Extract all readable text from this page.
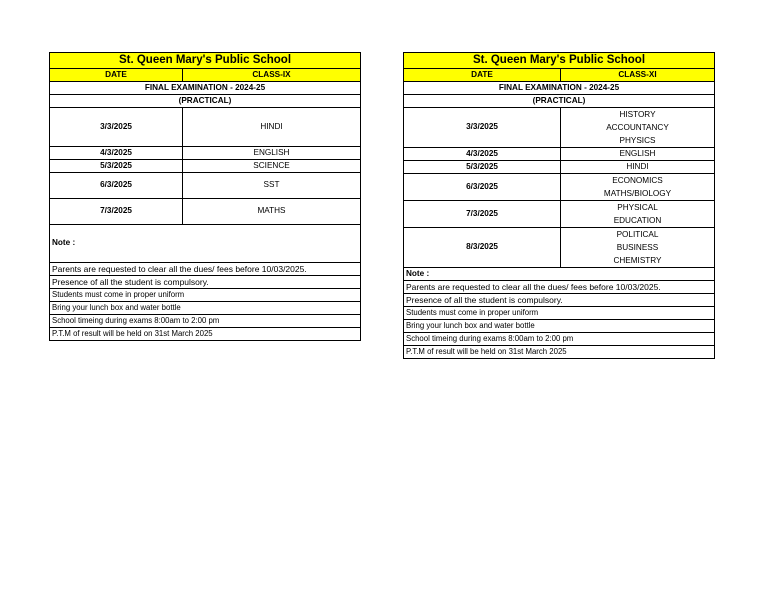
St. Queen Mary's Public School	
DATE	CLASS-IX
FINAL EXAMINATION - 2024-25	
(PRACTICAL)	
3/3/2025	HINDI
4/3/2025	ENGLISH
5/3/2025	SCIENCE
6/3/2025	SST
7/3/2025	MATHS
Note :	
Parents are requested to clear all the dues/ fees before 10/03/2025.	
Presence of all the student is compulsory.	
Students must come in proper uniform	
Bring your lunch box and water bottle	
School timeing during exams 8:00am to 2:00 pm	
P.T.M of result will be held on 31st March 2025	
St. Queen Mary's Public School	
DATE	CLASS-XI
FINAL EXAMINATION - 2024-25	
(PRACTICAL)	
3/3/2025	HISTORY
ACCOUNTANCY
PHYSICS

4/3/2025	ENGLISH
5/3/2025	HINDI
6/3/2025	ECONOMICS
MATHS/BIOLOGY

7/3/2025	PHYSICAL
EDUCATION

8/3/2025	POLITICAL
BUSINESS
CHEMISTRY

Note :	
Parents are requested to clear all the dues/ fees before 10/03/2025.	
Presence of all the student is compulsory.	
Students must come in proper uniform	
Bring your lunch box and water bottle	
School timeing during exams 8:00am to 2:00 pm	
P.T.M of result will be held on 31st March 2025	
